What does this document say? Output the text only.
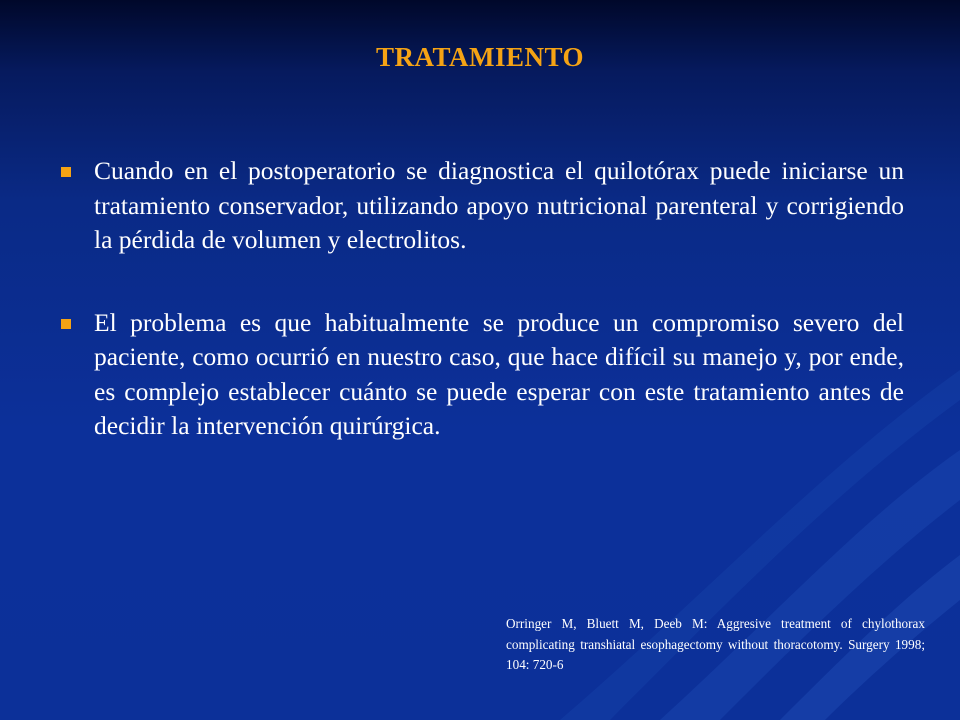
TRATAMIENTO
Cuando en el postoperatorio se diagnostica el quilotórax puede iniciarse un tratamiento conservador, utilizando apoyo nutricional parenteral y corrigiendo la pérdida de volumen y electrolitos.
El problema es que habitualmente se produce un compromiso severo del paciente, como ocurrió en nuestro caso, que hace difícil su manejo y, por ende, es complejo establecer cuánto se puede esperar con este tratamiento antes de decidir la intervención quirúrgica.

Orringer M, Bluett M, Deeb M: Aggresive treatment of chylothorax complicating transhiatal esophagectomy without thoracotomy. Surgery 1998; 104: 720-6
